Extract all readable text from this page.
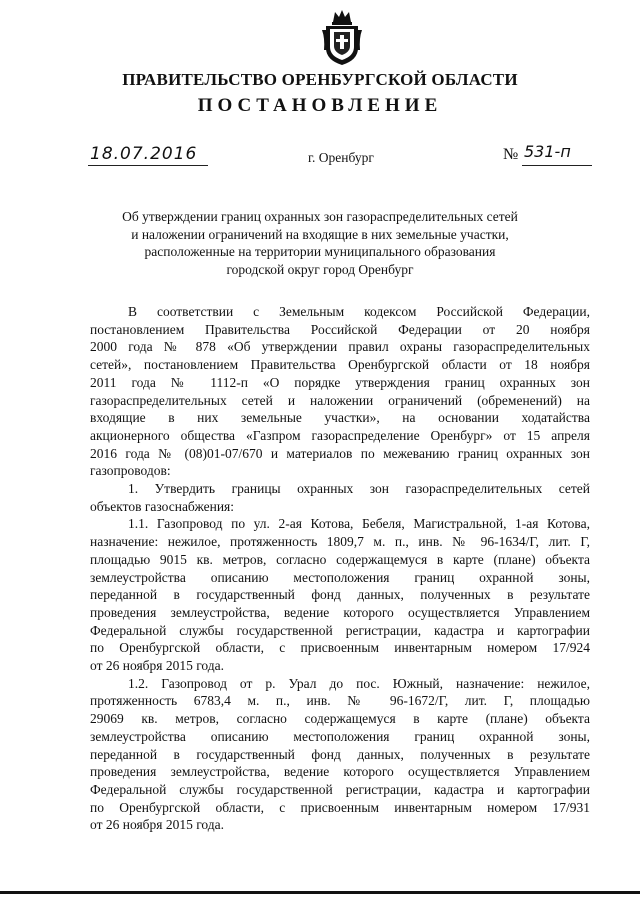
ПРАВИТЕЛЬСТВО ОРЕНБУРГСКОЙ ОБЛАСТИ
ПОСТАНОВЛЕНИЕ
18.07.2016	г. Оренбург	№ 531-п
Об утверждении границ охранных зон газораспределительных сетей
и наложении ограничений на входящие в них земельные участки,
расположенные на территории муниципального образования
городской округ город Оренбург
В соответствии с Земельным кодексом Российской Федерации,
постановлением Правительства Российской Федерации от 20 ноября
2000 года № 878 «Об утверждении правил охраны газораспределительных
сетей», постановлением Правительства Оренбургской области от 18 ноября
2011 года № 1112-п «О порядке утверждения границ охранных зон
газораспределительных сетей и наложении ограничений (обременений) на
входящие в них земельные участки», на основании ходатайства
акционерного общества «Газпром газораспределение Оренбург» от 15 апреля
2016 года № (08)01-07/670 и материалов по межеванию границ охранных зон
газопроводов:
1. Утвердить границы охранных зон газораспределительных сетей
объектов газоснабжения:
1.1. Газопровод по ул. 2-ая Котова, Бебеля, Магистральной, 1-ая Котова,
назначение: нежилое, протяженность 1809,7 м. п., инв. № 96-1634/Г, лит. Г,
площадью 9015 кв. метров, согласно содержащемуся в карте (плане) объекта
землеустройства описанию местоположения границ охранной зоны,
переданной в государственный фонд данных, полученных в результате
проведения землеустройства, ведение которого осуществляется Управлением
Федеральной службы государственной регистрации, кадастра и картографии
по Оренбургской области, с присвоенным инвентарным номером 17/924
от 26 ноября 2015 года.
1.2. Газопровод от р. Урал до пос. Южный, назначение: нежилое,
протяженность 6783,4 м. п., инв. № 96-1672/Г, лит. Г, площадью
29069 кв. метров, согласно содержащемуся в карте (плане) объекта
землеустройства описанию местоположения границ охранной зоны,
переданной в государственный фонд данных, полученных в результате
проведения землеустройства, ведение которого осуществляется Управлением
Федеральной службы государственной регистрации, кадастра и картографии
по Оренбургской области, с присвоенным инвентарным номером 17/931
от 26 ноября 2015 года.
